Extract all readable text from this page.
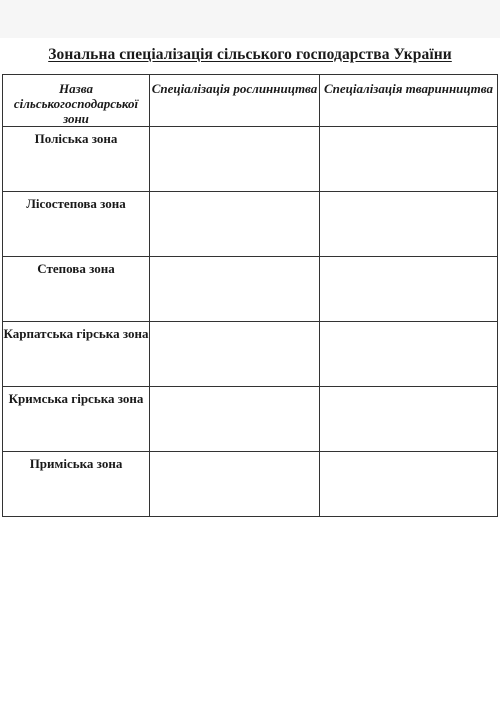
Зональна спеціалізація сільського господарства України
Назва сільськогосподарської зони	Спеціалізація рослинництва	Спеціалізація тваринництва

Поліська зона		

Лісостепова зона		

Степова зона		

Карпатська гірська зона		

Кримська гірська зона		

Приміська зона		
